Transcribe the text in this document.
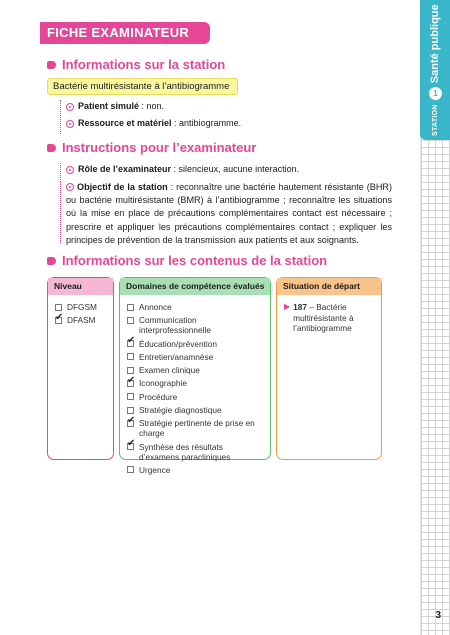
STATION
1
Santé publique
3
FICHE EXAMINATEUR
Informations sur la station
Bactérie multirésistante à l’antibiogramme
Patient simulé : non.
Ressource et matériel : antibiogramme.
Instructions pour l’examinateur
Rôle de l’examinateur : silencieux, aucune interaction.
Objectif de la station : reconnaître une bactérie hautement résistante (BHR) ou bactérie multirésistante (BMR) à l’antibiogramme ; reconnaître les situations où la mise en place de précautions complémentaires contact est nécessaire ; prescrire et appliquer les précautions complémentaires contact ; expliquer les principes de prévention de la transmission aux patients et aux soignants.
Informations sur les contenus de la station
Niveau
DFGSM
✔
DFASM
Domaines de compétence évalués
Annonce
Communication interprofessionnelle
✔
Éducation/prévention
Entretien/anamnèse
Examen clinique
✔
Iconographie
Procédure
Stratégie diagnostique
✔
Stratégie pertinente de prise en charge
✔
Synthèse des résultats d’examens paracliniques
Urgence
Situation de départ
▶ 187 – Bactérie multirésistante à l’antibiogramme
